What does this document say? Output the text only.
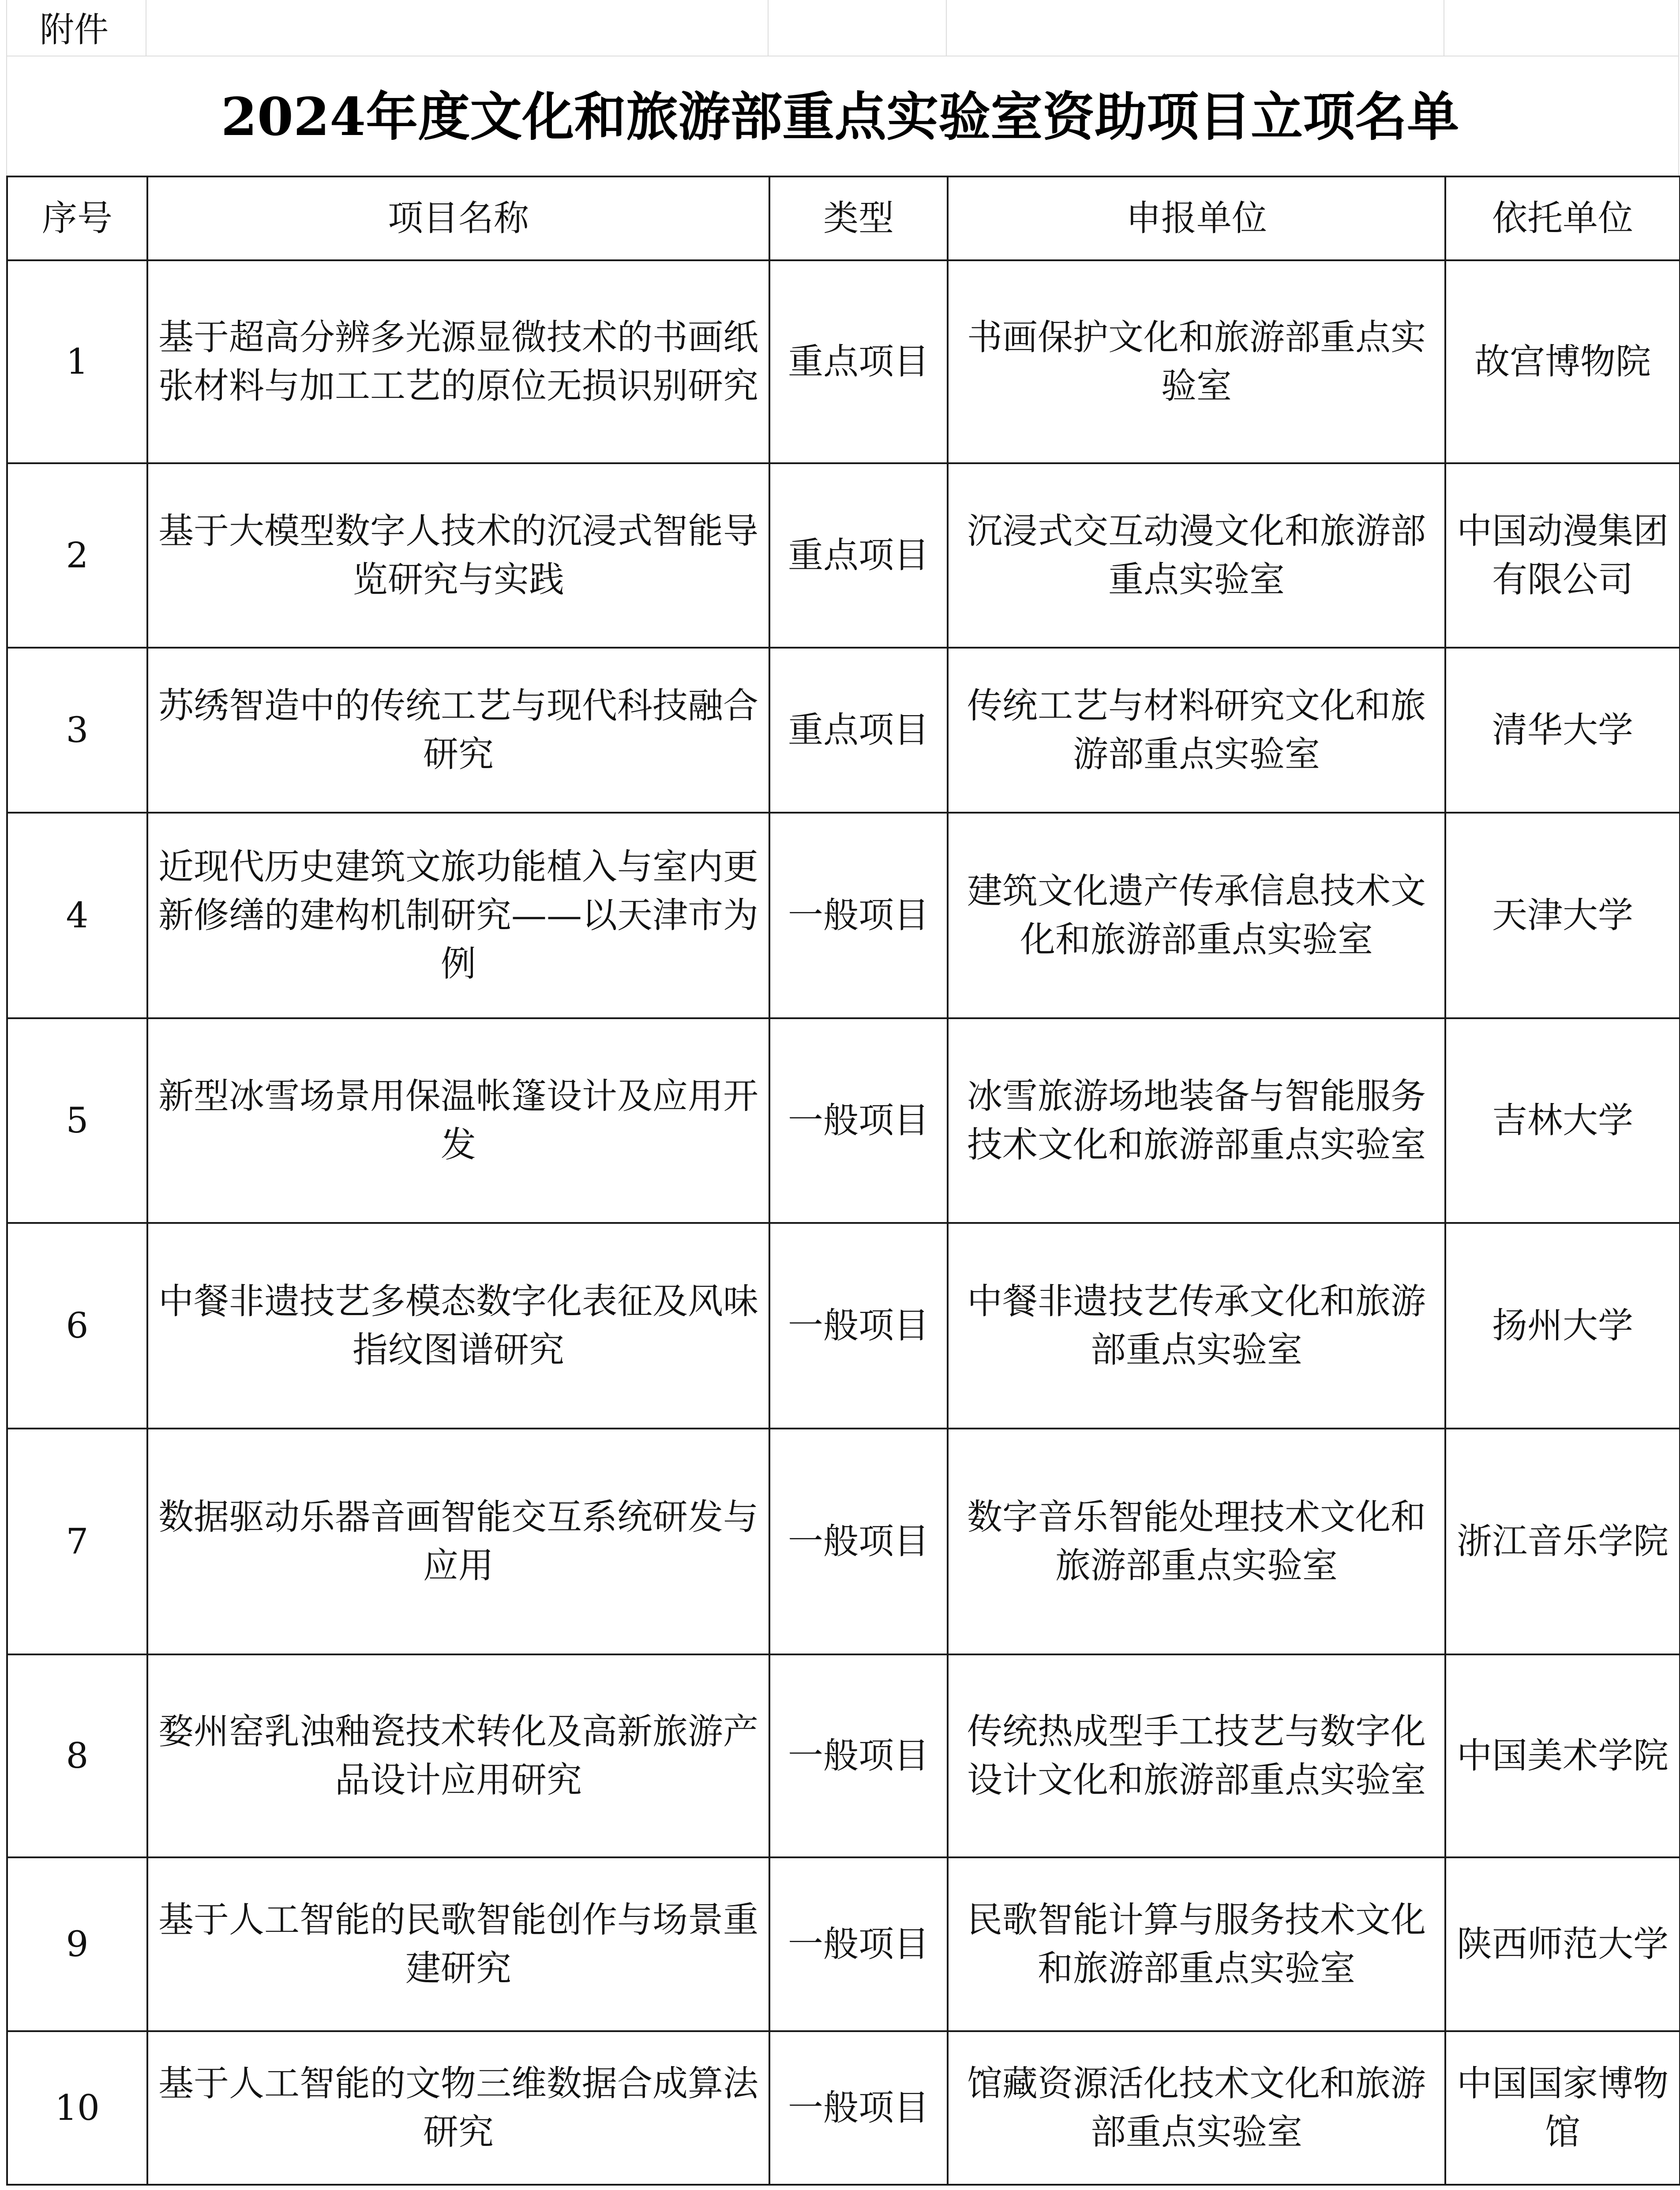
附件
2024年度文化和旅游部重点实验室资助项目立项名单
序号	项目名称	类型	申报单位	依托单位
1	基于超高分辨多光源显微技术的书画纸张材料与加工工艺的原位无损识别研究	重点项目	书画保护文化和旅游部重点实验室	故宫博物院
2	基于大模型数字人技术的沉浸式智能导览研究与实践	重点项目	沉浸式交互动漫文化和旅游部重点实验室	中国动漫集团有限公司
3	苏绣智造中的传统工艺与现代科技融合研究	重点项目	传统工艺与材料研究文化和旅游部重点实验室	清华大学
4	近现代历史建筑文旅功能植入与室内更新修缮的建构机制研究——以天津市为例	一般项目	建筑文化遗产传承信息技术文化和旅游部重点实验室	天津大学
5	新型冰雪场景用保温帐篷设计及应用开发	一般项目	冰雪旅游场地装备与智能服务技术文化和旅游部重点实验室	吉林大学
6	中餐非遗技艺多模态数字化表征及风味指纹图谱研究	一般项目	中餐非遗技艺传承文化和旅游部重点实验室	扬州大学
7	数据驱动乐器音画智能交互系统研发与应用	一般项目	数字音乐智能处理技术文化和旅游部重点实验室	浙江音乐学院
8	婺州窑乳浊釉瓷技术转化及高新旅游产品设计应用研究	一般项目	传统热成型手工技艺与数字化设计文化和旅游部重点实验室	中国美术学院
9	基于人工智能的民歌智能创作与场景重建研究	一般项目	民歌智能计算与服务技术文化和旅游部重点实验室	陕西师范大学
10	基于人工智能的文物三维数据合成算法研究	一般项目	馆藏资源活化技术文化和旅游部重点实验室	中国国家博物馆
